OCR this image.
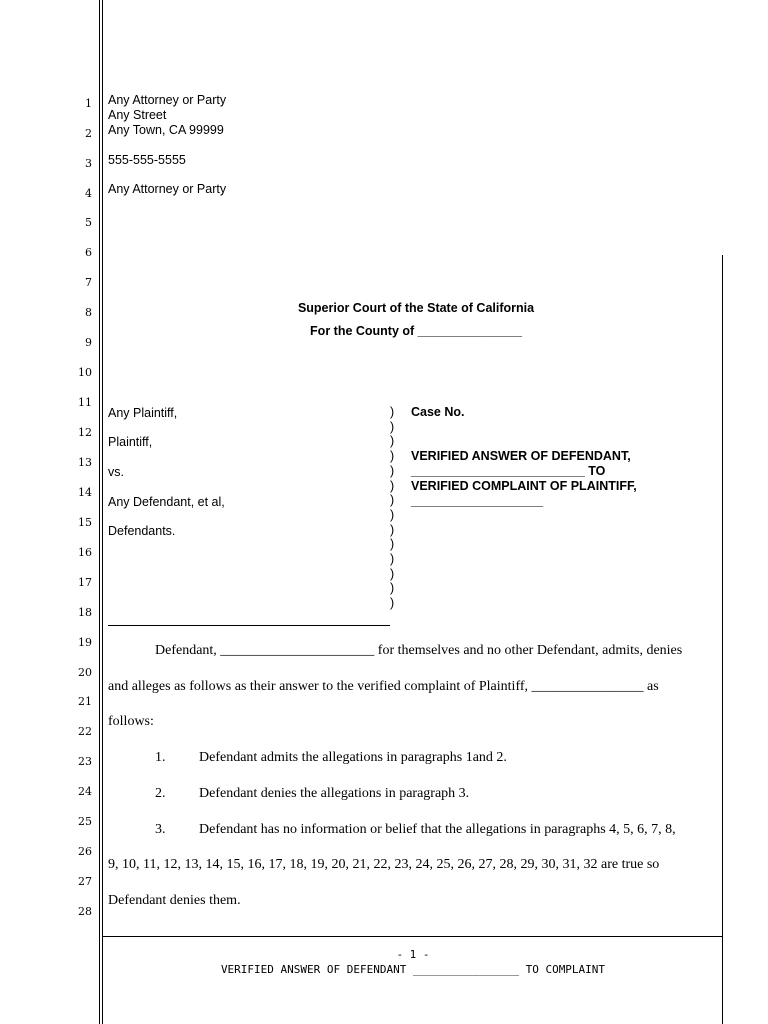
1
2
3
4
5
6
7
8
9
10
11
12
13
14
15
16
17
18
19
20
21
22
23
24
25
26
27
28
Any Attorney or Party
Any Street
Any Town, CA 99999
555-555-5555
Any Attorney or Party
Superior Court of the State of California
For the County of _______________
Any Plaintiff,
Plaintiff,
vs.
Any Defendant, et al,
Defendants.
)
)
)
)
)
)
)
)
)
)
)
)
)
)
Case No.
VERIFIED ANSWER OF DEFENDANT,
_________________________ TO
VERIFIED COMPLAINT OF PLAINTIFF,
___________________
Defendant, ______________________ for themselves and no other Defendant, admits, denies
and alleges as follows as their answer to the verified complaint of Plaintiff, ________________ as
follows:
1. Defendant admits the allegations in paragraphs 1and 2.
2. Defendant denies the allegations in paragraph 3.
3. Defendant has no information or belief that the allegations in paragraphs 4, 5, 6, 7, 8,
9, 10, 11, 12, 13, 14, 15, 16, 17, 18, 19, 20, 21, 22, 23, 24, 25, 26, 27, 28, 29, 30, 31, 32 are true so
Defendant denies them.
- 1 -
VERIFIED ANSWER OF DEFENDANT ________________ TO COMPLAINT
